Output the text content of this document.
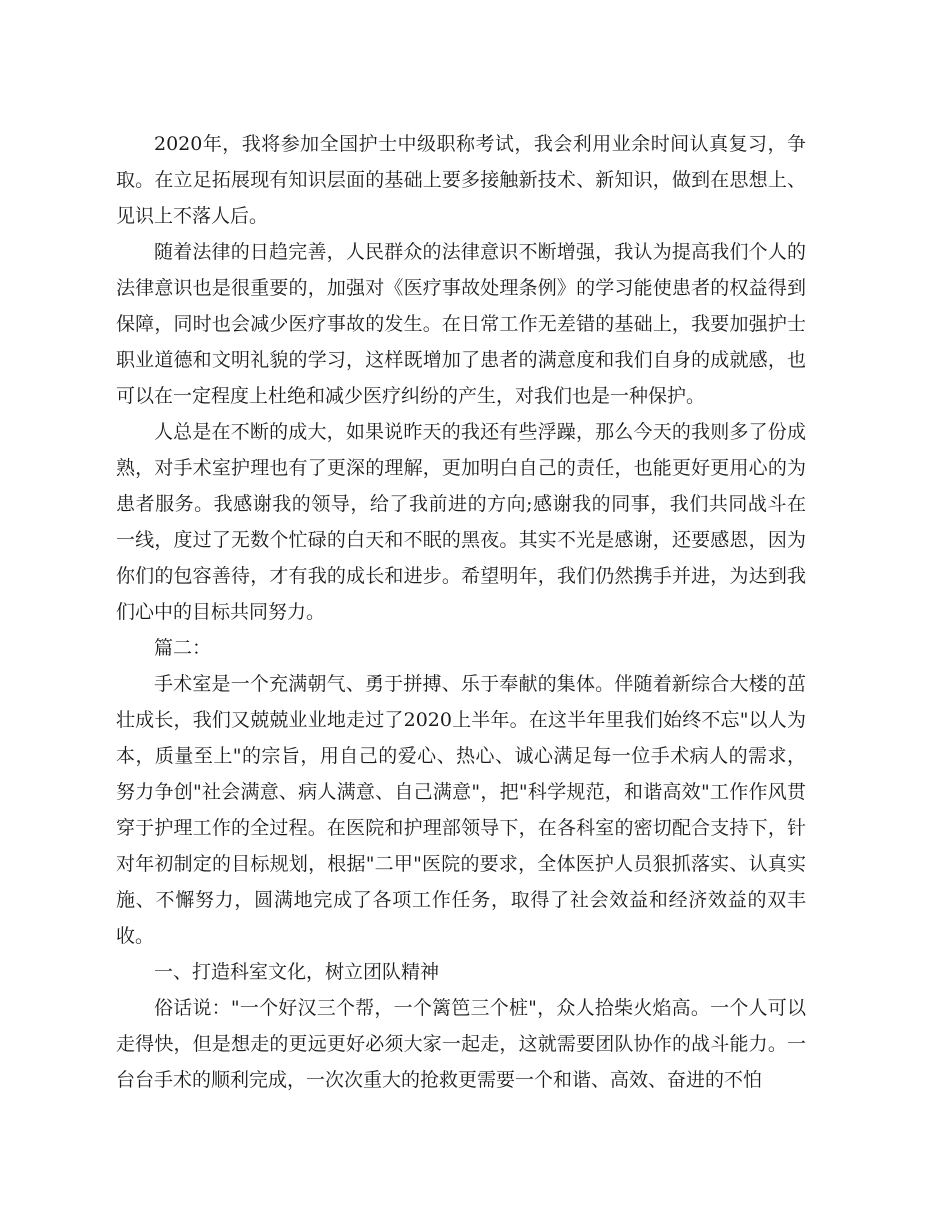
2020年，我将参加全国护士中级职称考试，我会利用业余时间认真复习，争取。在立足拓展现有知识层面的基础上要多接触新技术、新知识，做到在思想上、见识上不落人后。

随着法律的日趋完善，人民群众的法律意识不断增强，我认为提高我们个人的法律意识也是很重要的，加强对《医疗事故处理条例》的学习能使患者的权益得到保障，同时也会减少医疗事故的发生。在日常工作无差错的基础上，我要加强护士职业道德和文明礼貌的学习，这样既增加了患者的满意度和我们自身的成就感，也可以在一定程度上杜绝和减少医疗纠纷的产生，对我们也是一种保护。

人总是在不断的成大，如果说昨天的我还有些浮躁，那么今天的我则多了份成熟，对手术室护理也有了更深的理解，更加明白自己的责任，也能更好更用心的为患者服务。我感谢我的领导，给了我前进的方向;感谢我的同事，我们共同战斗在一线，度过了无数个忙碌的白天和不眠的黑夜。其实不光是感谢，还要感恩，因为你们的包容善待，才有我的成长和进步。希望明年，我们仍然携手并进，为达到我们心中的目标共同努力。

篇二：

手术室是一个充满朝气、勇于拼搏、乐于奉献的集体。伴随着新综合大楼的茁壮成长，我们又兢兢业业地走过了2020上半年。在这半年里我们始终不忘"以人为本，质量至上"的宗旨，用自己的爱心、热心、诚心满足每一位手术病人的需求，努力争创"社会满意、病人满意、自己满意"，把"科学规范，和谐高效"工作作风贯穿于护理工作的全过程。在医院和护理部领导下，在各科室的密切配合支持下，针对年初制定的目标规划，根据"二甲"医院的要求，全体医护人员狠抓落实、认真实施、不懈努力，圆满地完成了各项工作任务，取得了社会效益和经济效益的双丰收。

一、打造科室文化，树立团队精神

俗话说："一个好汉三个帮，一个篱笆三个桩"，众人拾柴火焰高。一个人可以走得快，但是想走的更远更好必须大家一起走，这就需要团队协作的战斗能力。一台台手术的顺利完成，一次次重大的抢救更需要一个和谐、高效、奋进的不怕
